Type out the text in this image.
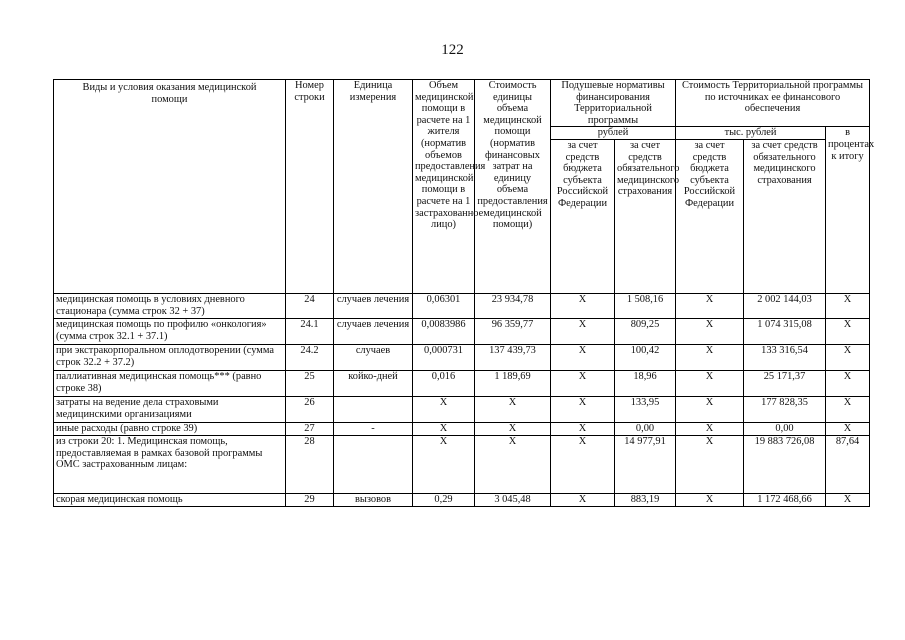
122
Виды и условия оказания медицинской помощи	Номер строки	Единица измерения	Объем медицинской помощи в расчете на 1 жителя (норматив объемов предоставления медицинской помощи в расчете на 1 застрахованное лицо)	Стоимость единицы объема медицинской помощи (норматив финансовых затрат на единицу объема предоставления медицинской помощи)	Подушевые нормативы финансирования Территориальной программы		Стоимость Территориальной программы по источниках ее финансового обеспечения		
					рублей		тыс. рублей		в процентах к итогу
					за счет средств бюджета субъекта Российской Федерации	за счет средств обязательного медицинского страхования	за счет средств бюджета субъекта Российской Федерации	за счет средств обязательного медицинского страхования	
медицинская помощь в условиях дневного стационара (сумма строк 32 + 37)	24	случаев лечения	0,06301	23 934,78	X	1 508,16	X	2 002 144,03	X
медицинская помощь по профилю «онкология» (сумма строк 32.1 + 37.1)	24.1	случаев лечения	0,0083986	96 359,77	X	809,25	X	1 074 315,08	X
при экстракорпоральном оплодотворении (сумма строк 32.2 + 37.2)	24.2	случаев	0,000731	137 439,73	X	100,42	X	133 316,54	X
паллиативная медицинская помощь*** (равно строке 38)	25	койко-дней	0,016	1 189,69	X	18,96	X	25 171,37	X
затраты на ведение дела страховыми медицинскими организациями	26		X	X	X	133,95	X	177 828,35	X
иные расходы (равно строке 39)	27	-	X	X	X	0,00	X	0,00	X
из строки 20: 1. Медицинская помощь, предоставляемая в рамках базовой программы ОМС застрахованным лицам:	28		X	X	X	14 977,91	X	19 883 726,08	87,64
скорая медицинская помощь	29	вызовов	0,29	3 045,48	X	883,19	X	1 172 468,66	X
